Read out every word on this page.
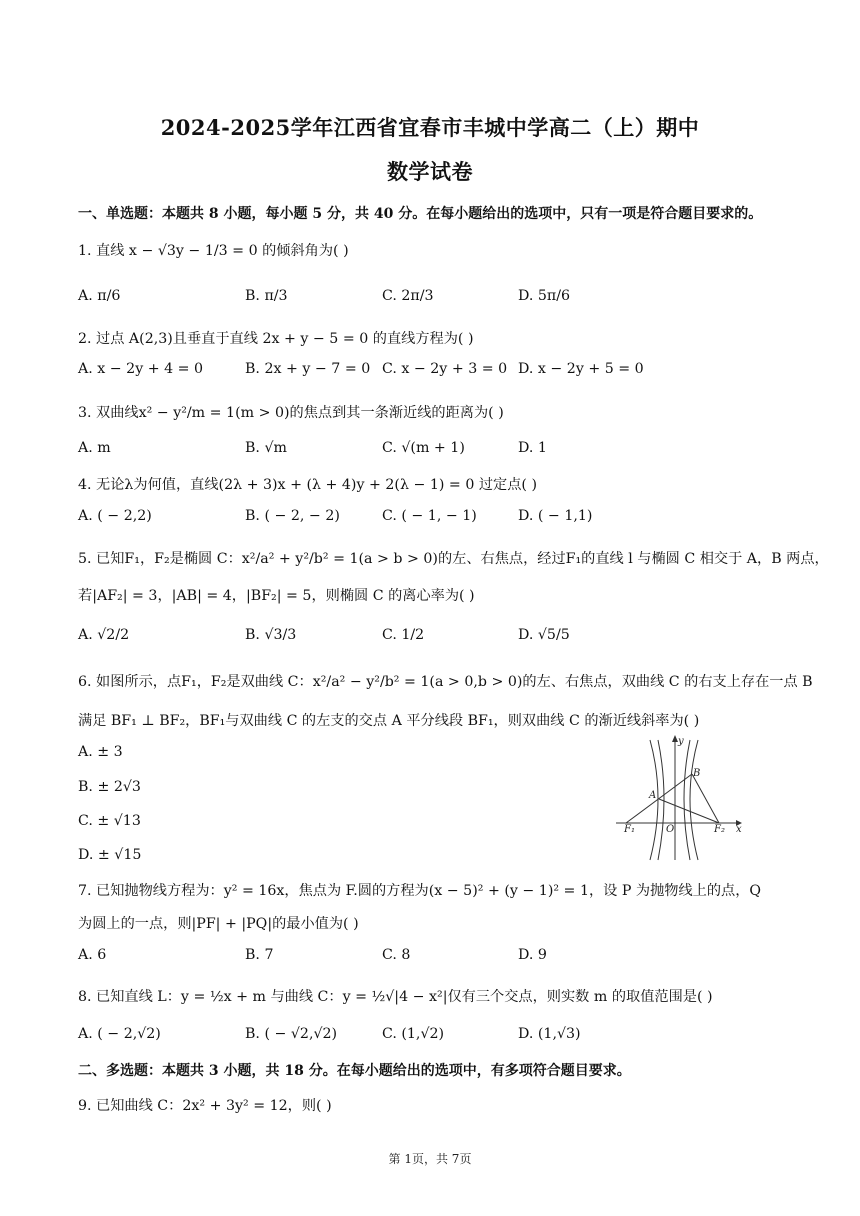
2024-2025学年江西省宜春市丰城中学高二（上）期中
数学试卷
一、单选题：本题共 8 小题，每小题 5 分，共 40 分。在每小题给出的选项中，只有一项是符合题目要求的。
1. 直线 x − √3y − 1/3 = 0 的倾斜角为( )
A. π/6	B. π/3	C. 2π/3	D. 5π/6
2. 过点 A(2,3)且垂直于直线 2x + y − 5 = 0 的直线方程为( )
A. x − 2y + 4 = 0	B. 2x + y − 7 = 0 C. x − 2y + 3 = 0 D. x − 2y + 5 = 0
3. 双曲线x² − y²/m = 1(m > 0)的焦点到其一条渐近线的距离为( )
A. m	B. √m	C. √(m + 1)	D. 1
4. 无论λ为何值，直线(2λ + 3)x + (λ + 4)y + 2(λ − 1) = 0 过定点( )
A. ( − 2,2)	B. ( − 2, − 2)	C. ( − 1, − 1)	D. ( − 1,1)
5. 已知F₁，F₂是椭圆 C：x²/a² + y²/b² = 1(a > b > 0)的左、右焦点，经过F₁的直线 l 与椭圆 C 相交于 A，B 两点，
若|AF₂| = 3，|AB| = 4，|BF₂| = 5，则椭圆 C 的离心率为( )
A. √2/2	B. √3/3	C. 1/2	D. √5/5
6. 如图所示，点F₁，F₂是双曲线 C：x²/a² − y²/b² = 1(a > 0,b > 0)的左、右焦点，双曲线 C 的右支上存在一点 B
满足 BF₁ ⊥ BF₂，BF₁与双曲线 C 的左支的交点 A 平分线段 BF₁，则双曲线 C 的渐近线斜率为( )
A. ± 3
B. ± 2√3
C. ± √13
D. ± √15
y
x
B
A
O
F₁	F₂
7. 已知抛物线方程为：y² = 16x，焦点为 F.圆的方程为(x − 5)² + (y − 1)² = 1，设 P 为抛物线上的点，Q
为圆上的一点，则|PF| + |PQ|的最小值为( )
A. 6	B. 7	C. 8	D. 9
8. 已知直线 L：y = ½x + m 与曲线 C：y = ½√|4 − x²|仅有三个交点，则实数 m 的取值范围是( )
A. ( − 2,√2)	B. ( − √2,√2)	C. (1,√2)	D. (1,√3)
二、多选题：本题共 3 小题，共 18 分。在每小题给出的选项中，有多项符合题目要求。
9. 已知曲线 C：2x² + 3y² = 12，则( )
第 1页，共 7页
